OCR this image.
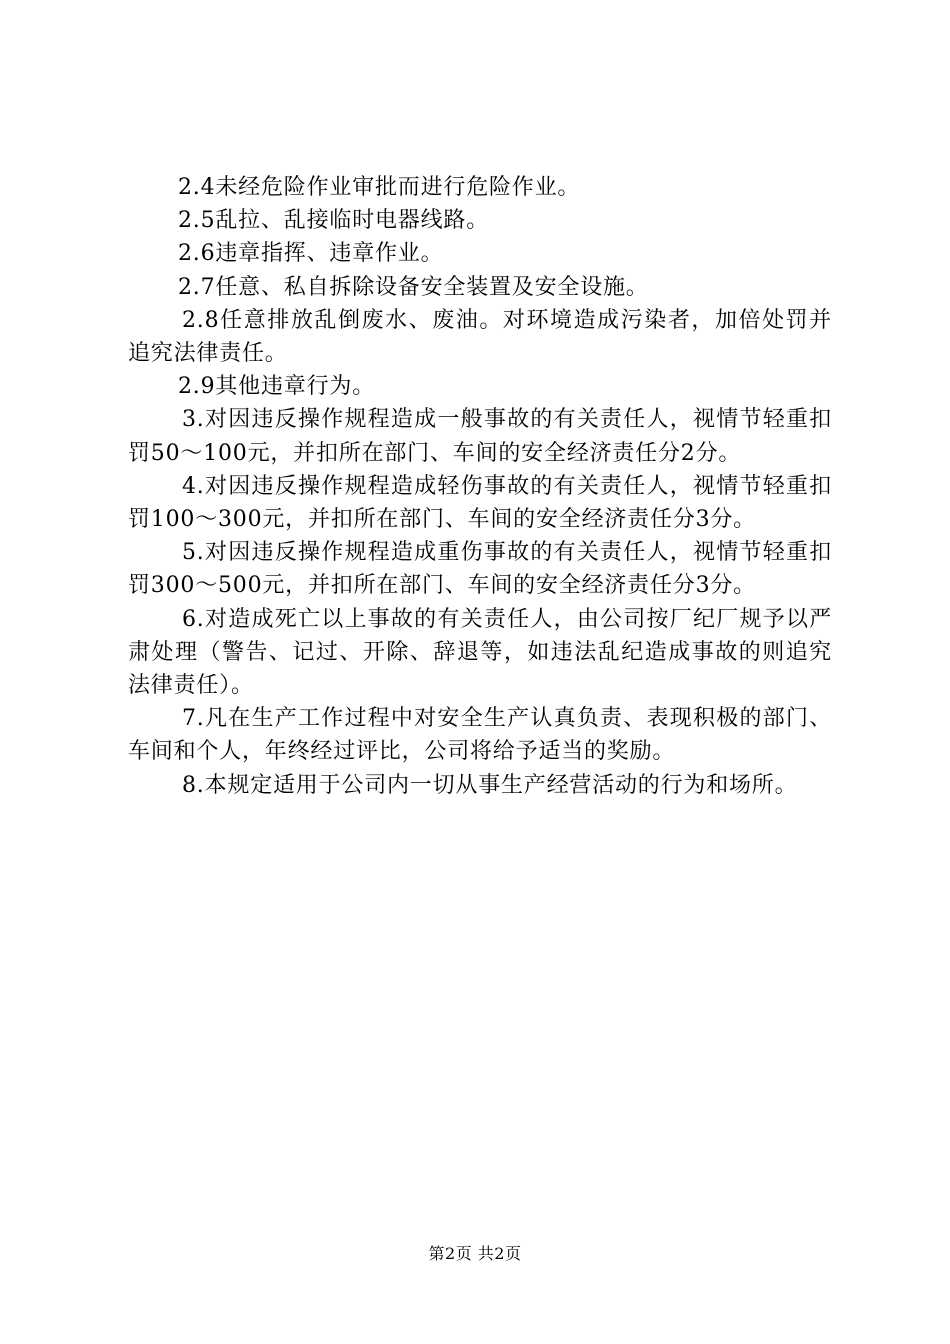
2.4未经危险作业审批而进行危险作业。

2.5乱拉、乱接临时电器线路。

2.6违章指挥、违章作业。

2.7任意、私自拆除设备安全装置及安全设施。

2.8任意排放乱倒废水、废油。对环境造成污染者，加倍处罚并追究法律责任。

2.9其他违章行为。

3.对因违反操作规程造成一般事故的有关责任人，视情节轻重扣罚50～100元，并扣所在部门、车间的安全经济责任分2分。

4.对因违反操作规程造成轻伤事故的有关责任人，视情节轻重扣罚100～300元，并扣所在部门、车间的安全经济责任分3分。

5.对因违反操作规程造成重伤事故的有关责任人，视情节轻重扣罚300～500元，并扣所在部门、车间的安全经济责任分3分。

6.对造成死亡以上事故的有关责任人，由公司按厂纪厂规予以严肃处理（警告、记过、开除、辞退等，如违法乱纪造成事故的则追究法律责任）。

7.凡在生产工作过程中对安全生产认真负责、表现积极的部门、车间和个人，年终经过评比，公司将给予适当的奖励。

8.本规定适用于公司内一切从事生产经营活动的行为和场所。

第2页 共2页
